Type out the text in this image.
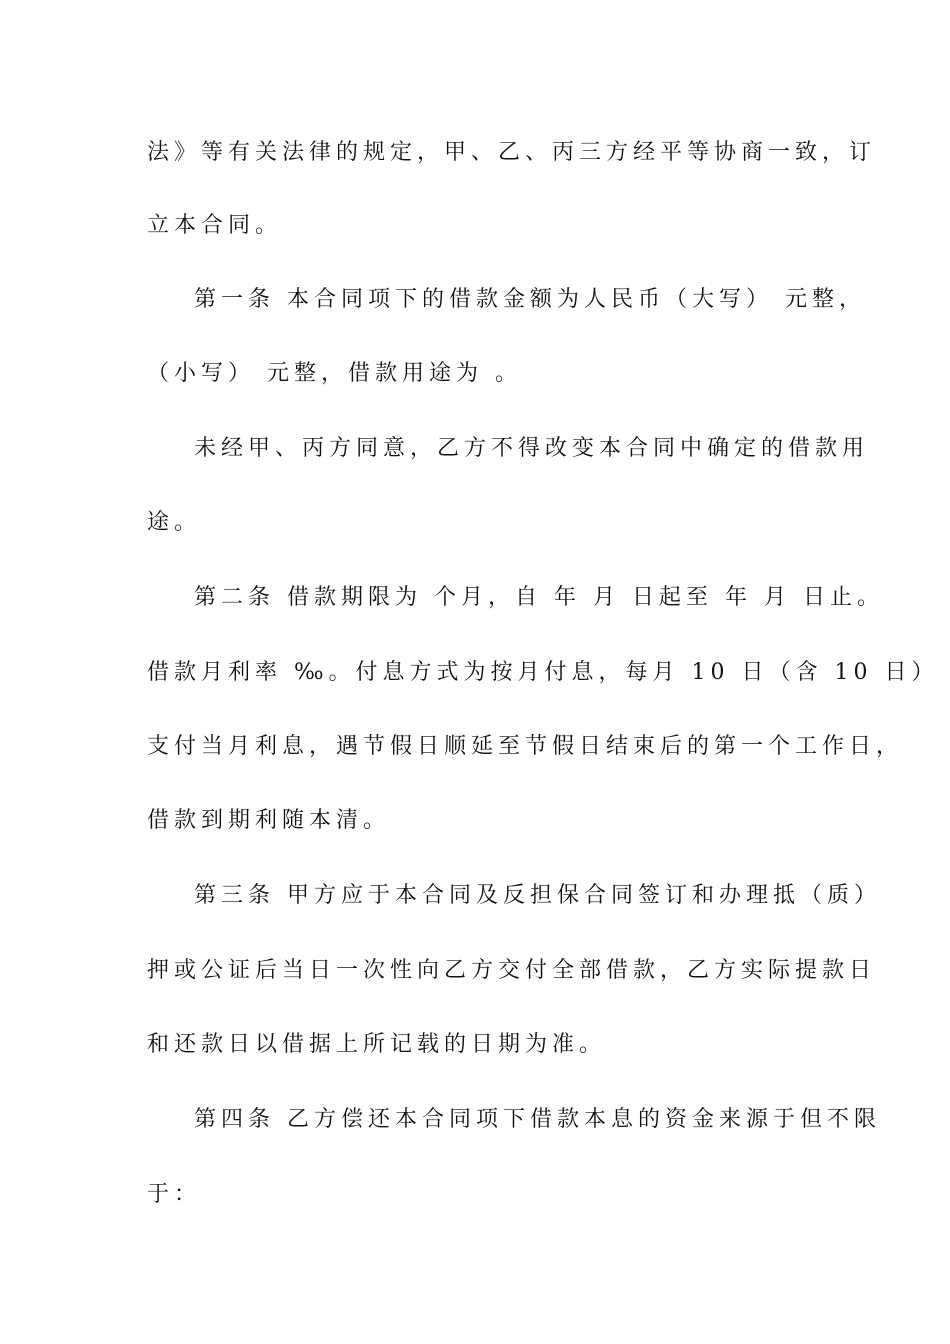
法》等有关法律的规定，甲、乙、丙三方经平等协商一致，订
立本合同。
第一条 本合同项下的借款金额为人民币（大写） 元整，
（小写） 元整，借款用途为 。
未经甲、丙方同意，乙方不得改变本合同中确定的借款用
途。
第二条 借款期限为 个月，自 年 月 日起至 年 月 日止。
借款月利率 ‰。付息方式为按月付息，每月 10 日（含 10 日）
支付当月利息，遇节假日顺延至节假日结束后的第一个工作日，
借款到期利随本清。
第三条 甲方应于本合同及反担保合同签订和办理抵（质）
押或公证后当日一次性向乙方交付全部借款，乙方实际提款日
和还款日以借据上所记载的日期为准。
第四条 乙方偿还本合同项下借款本息的资金来源于但不限
于：
